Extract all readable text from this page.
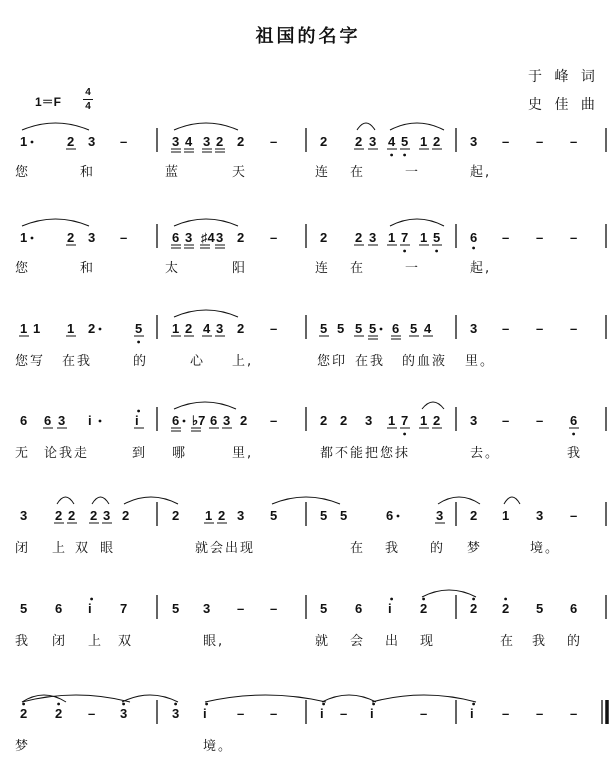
祖国的名字
于 峰 词
史 佳 曲
1＝F
4
4
1	2 3 –	3 4 3 2 2 –	2 2 3 4 5 1 2 3 – – –
您	和	蓝	天	连 在	一	起,
1	2 3 –	6 3 ♯4 3 2 –	2 2 3 1 7 1 5 6 – – –
您	和	太	阳	连 在	一	起,
1 1 1 2	5 1 2 4 3 2 –	5 5 5 5 6 5 4	3 – – –
您写 在我	的	心 上,	您印 在我 的血液 里。
6 6 3 i	i	6 ♭7 6 3 2 –	2 2 3 1 7 1 2 3 – – 6
无 论我走	到 哪	里,	都不能把您抹	去。	我
3 2 2 2 3 2	2 1 2 3 5	5 5	6	3 2 1 3 –
闭 上 双 眼	就会出现	在 我 的 梦	境。
5 6 i 7	5 3 – –	5 6 i 2	2 2 5 6
我 闭 上 双	眼,	就 会 出 现	在 我 的
2 2 – 3	3 i – –	i – i	–	i – – –
梦	境。
